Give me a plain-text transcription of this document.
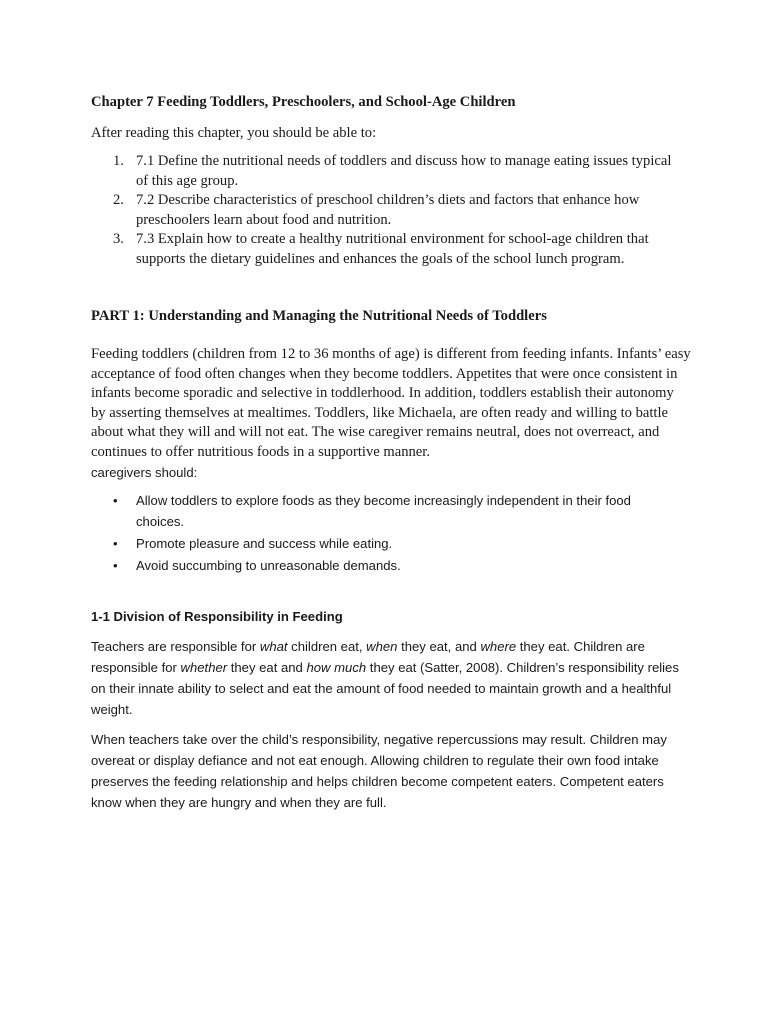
Chapter 7 Feeding Toddlers, Preschoolers, and School-Age Children

After reading this chapter, you should be able to:

1. 7.1 Define the nutritional needs of toddlers and discuss how to manage eating issues typical of this age group.
2. 7.2 Describe characteristics of preschool children’s diets and factors that enhance how preschoolers learn about food and nutrition.
3. 7.3 Explain how to create a healthy nutritional environment for school-age children that supports the dietary guidelines and enhances the goals of the school lunch program.

PART 1: Understanding and Managing the Nutritional Needs of Toddlers

Feeding toddlers (children from 12 to 36 months of age) is different from feeding infants. Infants’ easy acceptance of food often changes when they become toddlers. Appetites that were once consistent in infants become sporadic and selective in toddlerhood. In addition, toddlers establish their autonomy by asserting themselves at mealtimes. Toddlers, like Michaela, are often ready and willing to battle about what they will and will not eat. The wise caregiver remains neutral, does not overreact, and continues to offer nutritious foods in a supportive manner.
caregivers should:
• Allow toddlers to explore foods as they become increasingly independent in their food choices.
• Promote pleasure and success while eating.
• Avoid succumbing to unreasonable demands.

1-1 Division of Responsibility in Feeding

Teachers are responsible for what children eat, when they eat, and where they eat. Children are responsible for whether they eat and how much they eat (Satter, 2008). Children’s responsibility relies on their innate ability to select and eat the amount of food needed to maintain growth and a healthful weight.

When teachers take over the child’s responsibility, negative repercussions may result. Children may overeat or display defiance and not eat enough. Allowing children to regulate their own food intake preserves the feeding relationship and helps children become competent eaters. Competent eaters know when they are hungry and when they are full.
